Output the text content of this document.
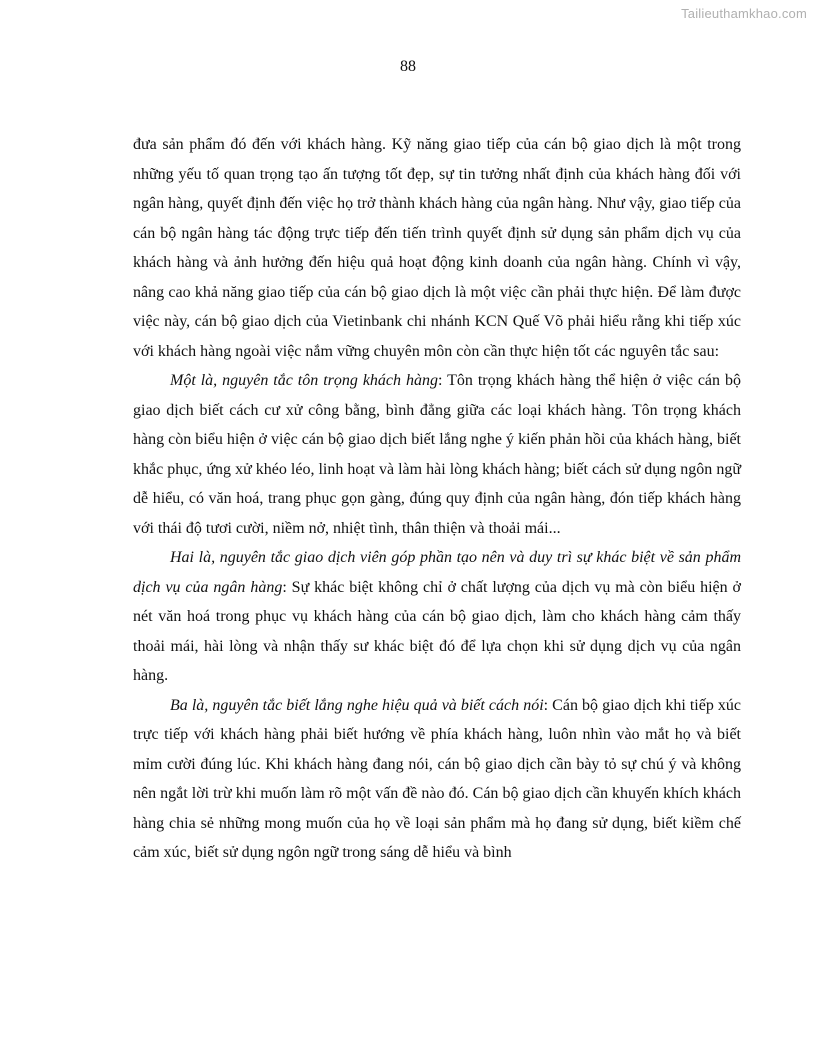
Tailieuthamkhao.com
88

đưa sản phẩm đó đến với khách hàng. Kỹ năng giao tiếp của cán bộ giao dịch là một trong những yếu tố quan trọng tạo ấn tượng tốt đẹp, sự tin tưởng nhất định của khách hàng đối với ngân hàng, quyết định đến việc họ trở thành khách hàng của ngân hàng. Như vậy, giao tiếp của cán bộ ngân hàng tác động trực tiếp đến tiến trình quyết định sử dụng sản phẩm dịch vụ của khách hàng và ảnh hưởng đến hiệu quả hoạt động kinh doanh của ngân hàng. Chính vì vậy, nâng cao khả năng giao tiếp của cán bộ giao dịch là một việc cần phải thực hiện. Để làm được việc này, cán bộ giao dịch của Vietinbank chi nhánh KCN Quế Võ phải hiểu rằng khi tiếp xúc với khách hàng ngoài việc nắm vững chuyên môn còn cần thực hiện tốt các nguyên tắc sau:

Một là, nguyên tắc tôn trọng khách hàng: Tôn trọng khách hàng thể hiện ở việc cán bộ giao dịch biết cách cư xử công bằng, bình đẳng giữa các loại khách hàng. Tôn trọng khách hàng còn biểu hiện ở việc cán bộ giao dịch biết lắng nghe ý kiến phản hồi của khách hàng, biết khắc phục, ứng xử khéo léo, linh hoạt và làm hài lòng khách hàng; biết cách sử dụng ngôn ngữ dễ hiểu, có văn hoá, trang phục gọn gàng, đúng quy định của ngân hàng, đón tiếp khách hàng với thái độ tươi cười, niềm nở, nhiệt tình, thân thiện và thoải mái...

Hai là, nguyên tắc giao dịch viên góp phần tạo nên và duy trì sự khác biệt về sản phẩm dịch vụ của ngân hàng: Sự khác biệt không chỉ ở chất lượng của dịch vụ mà còn biểu hiện ở nét văn hoá trong phục vụ khách hàng của cán bộ giao dịch, làm cho khách hàng cảm thấy thoải mái, hài lòng và nhận thấy sư khác biệt đó để lựa chọn khi sử dụng dịch vụ của ngân hàng.

Ba là, nguyên tắc biết lắng nghe hiệu quả và biết cách nói: Cán bộ giao dịch khi tiếp xúc trực tiếp với khách hàng phải biết hướng về phía khách hàng, luôn nhìn vào mắt họ và biết mỉm cười đúng lúc. Khi khách hàng đang nói, cán bộ giao dịch cần bày tỏ sự chú ý và không nên ngắt lời trừ khi muốn làm rõ một vấn đề nào đó. Cán bộ giao dịch cần khuyến khích khách hàng chia sẻ những mong muốn của họ về loại sản phẩm mà họ đang sử dụng, biết kiềm chế cảm xúc, biết sử dụng ngôn ngữ trong sáng dễ hiểu và bình
